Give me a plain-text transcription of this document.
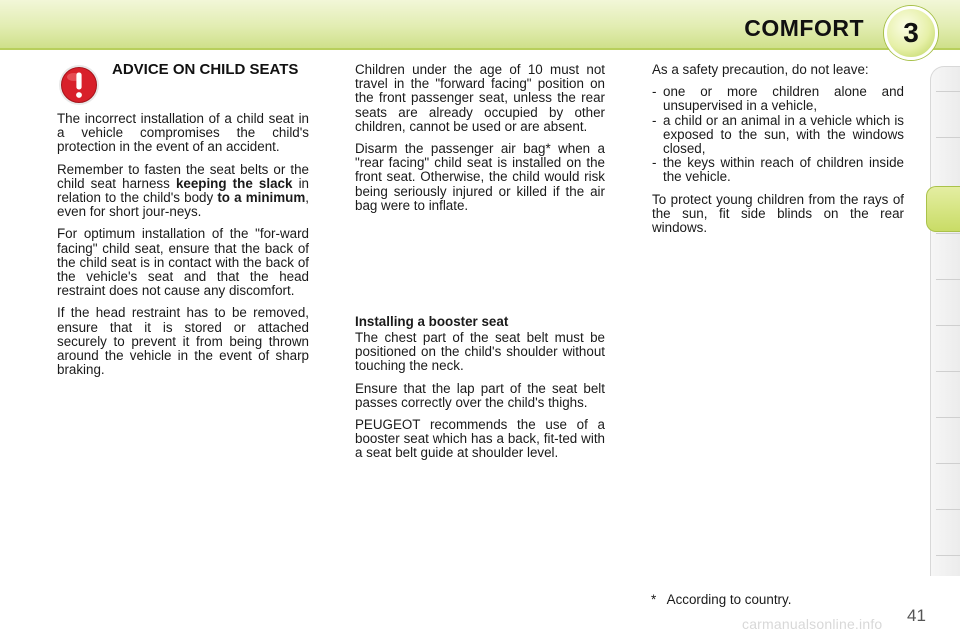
COMFORT 3
ADVICE ON CHILD SEATS

The incorrect installation of a child seat in a vehicle compromises the child's protection in the event of an accident.

Remember to fasten the seat belts or the child seat harness keeping the slack in relation to the child's body to a minimum, even for short jour-neys.

For optimum installation of the "for-ward facing" child seat, ensure that the back of the child seat is in contact with the back of the vehicle's seat and that the head restraint does not cause any discomfort.

If the head restraint has to be removed, ensure that it is stored or attached securely to prevent it from being thrown around the vehicle in the event of sharp braking.

Children under the age of 10 must not travel in the "forward facing" position on the front passenger seat, unless the rear seats are already occupied by other children, cannot be used or are absent.

Disarm the passenger air bag* when a "rear facing" child seat is installed on the front seat. Otherwise, the child would risk being seriously injured or killed if the air bag were to inflate.

Installing a booster seat

The chest part of the seat belt must be positioned on the child's shoulder without touching the neck.

Ensure that the lap part of the seat belt passes correctly over the child's thighs.

PEUGEOT recommends the use of a booster seat which has a back, fit-ted with a seat belt guide at shoulder level.

As a safety precaution, do not leave:

- one or more children alone and unsupervised in a vehicle,
- a child or an animal in a vehicle which is exposed to the sun, with the windows closed,
- the keys within reach of children inside the vehicle.

To protect young children from the rays of the sun, fit side blinds on the rear windows.

*   According to country.
carmanualsonline.info 41
